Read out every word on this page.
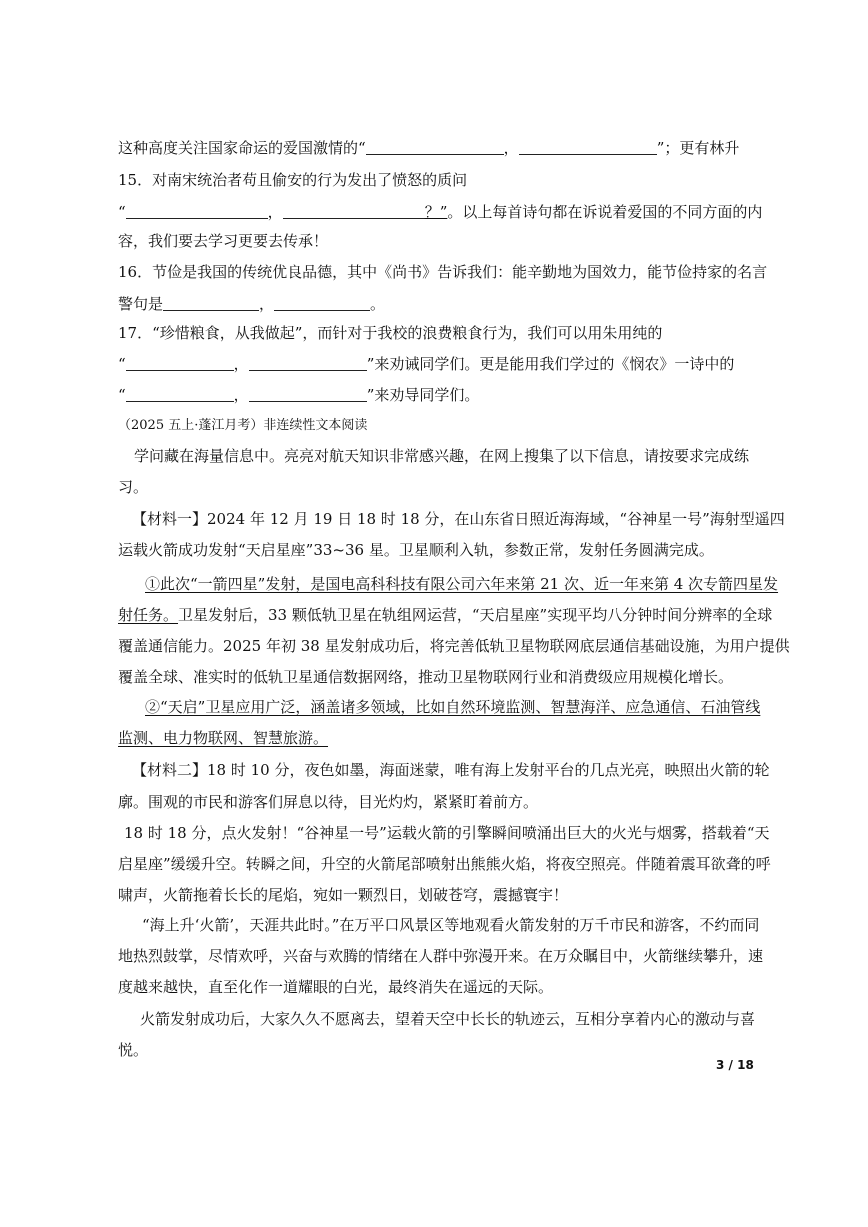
这种高度关注国家命运的爱国激情的“	，	”；更有林升
15．对南宋统治者苟且偷安的行为发出了愤怒的质问
“	，	？”。以上每首诗句都在诉说着爱国的不同方面的内
容，我们要去学习更要去传承！
16．节俭是我国的传统优良品德，其中《尚书》告诉我们：能辛勤地为国效力，能节俭持家的名言
警句是	，	。
17．“珍惜粮食，从我做起”，而针对于我校的浪费粮食行为，我们可以用朱用纯的
“	，	”来劝诫同学们。更是能用我们学过的《悯农》一诗中的
“	，	”来劝导同学们。
（2025 五上·蓬江月考）非连续性文本阅读
学问藏在海量信息中。亮亮对航天知识非常感兴趣，在网上搜集了以下信息，请按要求完成练
习。
【材料一】2024 年 12 月 19 日 18 时 18 分，在山东省日照近海海域，“谷神星一号”海射型遥四
运载火箭成功发射“天启星座”33~36 星。卫星顺利入轨，参数正常，发射任务圆满完成。
①此次“一箭四星”发射，是国电高科科技有限公司六年来第 21 次、近一年来第 4 次专箭四星发
射任务。卫星发射后，33 颗低轨卫星在轨组网运营，“天启星座”实现平均八分钟时间分辨率的全球
覆盖通信能力。2025 年初 38 星发射成功后，将完善低轨卫星物联网底层通信基础设施，为用户提供
覆盖全球、准实时的低轨卫星通信数据网络，推动卫星物联网行业和消费级应用规模化增长。
②“天启”卫星应用广泛，涵盖诸多领域，比如自然环境监测、智慧海洋、应急通信、石油管线
监测、电力物联网、智慧旅游。
【材料二】18 时 10 分，夜色如墨，海面迷蒙，唯有海上发射平台的几点光亮，映照出火箭的轮
廓。围观的市民和游客们屏息以待，目光灼灼，紧紧盯着前方。
18 时 18 分，点火发射！“谷神星一号”运载火箭的引擎瞬间喷涌出巨大的火光与烟雾，搭载着“天
启星座”缓缓升空。转瞬之间，升空的火箭尾部喷射出熊熊火焰，将夜空照亮。伴随着震耳欲聋的呼
啸声，火箭拖着长长的尾焰，宛如一颗烈日，划破苍穹，震撼寰宇！
“海上升‘火箭’，天涯共此时。”在万平口风景区等地观看火箭发射的万千市民和游客，不约而同
地热烈鼓掌，尽情欢呼，兴奋与欢腾的情绪在人群中弥漫开来。在万众瞩目中，火箭继续攀升，速
度越来越快，直至化作一道耀眼的白光，最终消失在遥远的天际。
火箭发射成功后，大家久久不愿离去，望着天空中长长的轨迹云，互相分享着内心的激动与喜
悦。
3 / 18
